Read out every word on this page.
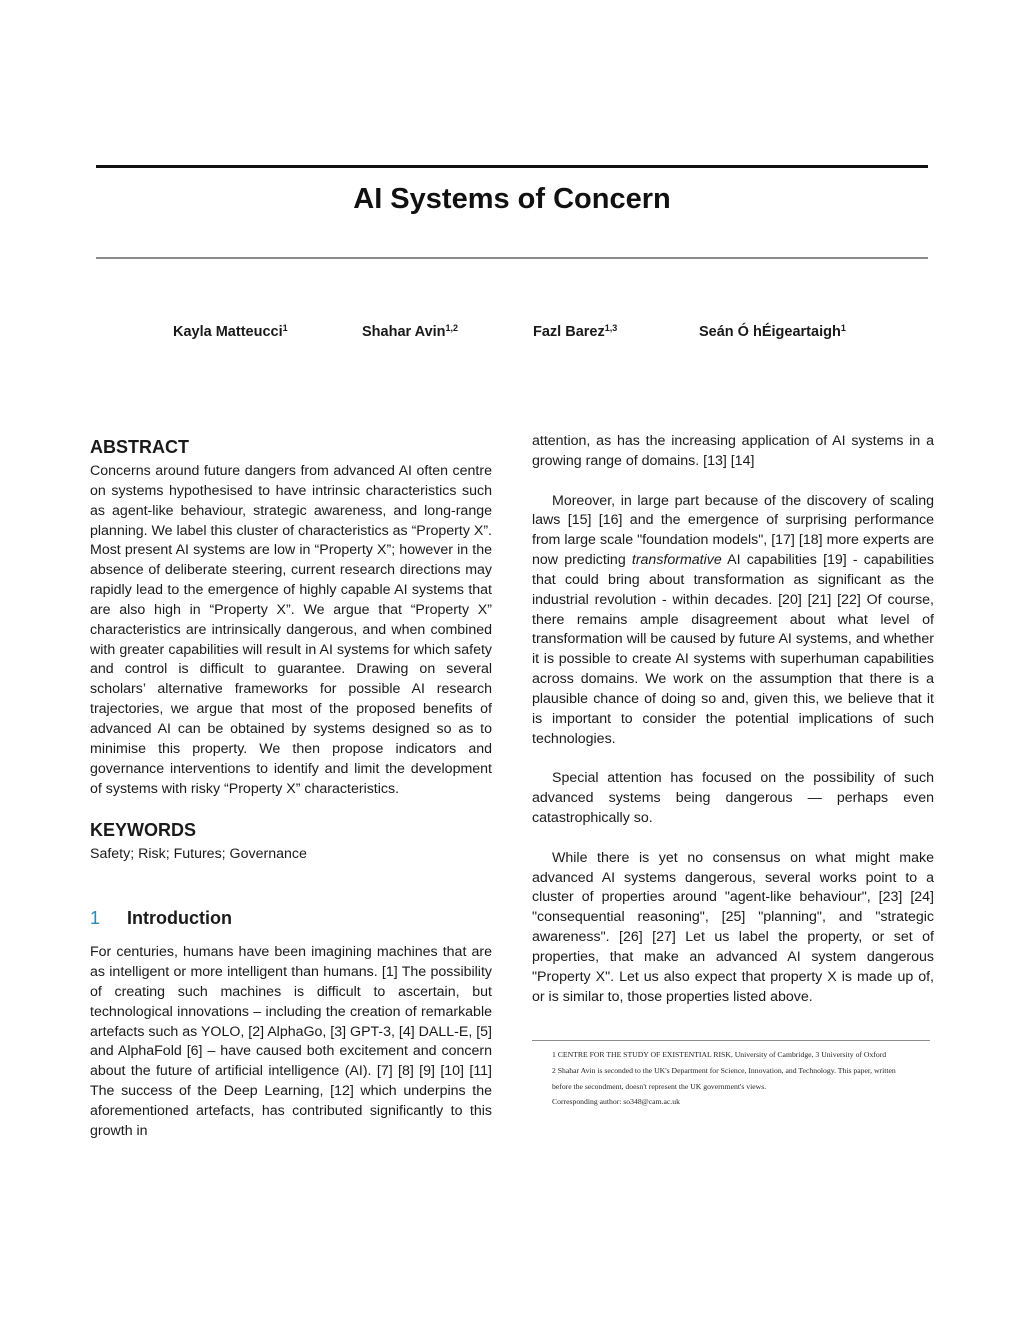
AI Systems of Concern
Kayla Matteucci$^1$	Shahar Avin$^{1,2}$	Fazl Barez$^{1,3}$	Seán Ó hÉigeartaigh$^1$
ABSTRACT

Concerns around future dangers from advanced AI often centre on systems hypothesised to have intrinsic characteristics such as agent-like behaviour, strategic awareness, and long-range planning. We label this cluster of characteristics as “Property X”. Most present AI systems are low in “Property X”; however in the absence of deliberate steering, current research directions may rapidly lead to the emergence of highly capable AI systems that are also high in “Property X”. We argue that “Property X” characteristics are intrinsically dangerous, and when combined with greater capabilities will result in AI systems for which safety and control is difficult to guarantee. Drawing on several scholars’ alternative frameworks for possible AI research trajectories, we argue that most of the proposed benefits of advanced AI can be obtained by systems designed so as to minimise this property. We then propose indicators and governance interventions to identify and limit the development of systems with risky “Property X” characteristics.

KEYWORDS

Safety; Risk; Futures; Governance

1	Introduction

For centuries, humans have been imagining machines that are as intelligent or more intelligent than humans. [1] The possibility of creating such machines is difficult to ascertain, but technological innovations – including the creation of remarkable artefacts such as YOLO, [2] AlphaGo, [3] GPT-3, [4] DALL-E, [5] and AlphaFold [6] – have caused both excitement and concern about the future of artificial intelligence (AI). [7] [8] [9] [10] [11] The success of the Deep Learning, [12] which underpins the aforementioned artefacts, has contributed significantly to this growth in

attention, as has the increasing application of AI systems in a growing range of domains. [13] [14]

Moreover, in large part because of the discovery of scaling laws [15] [16] and the emergence of surprising performance from large scale "foundation models", [17] [18] more experts are now predicting transformative AI capabilities [19] - capabilities that could bring about transformation as significant as the industrial revolution - within decades. [20] [21] [22] Of course, there remains ample disagreement about what level of transformation will be caused by future AI systems, and whether it is possible to create AI systems with superhuman capabilities across domains. We work on the assumption that there is a plausible chance of doing so and, given this, we believe that it is important to consider the potential implications of such technologies.

Special attention has focused on the possibility of such advanced systems being dangerous — perhaps even catastrophically so.

While there is yet no consensus on what might make advanced AI systems dangerous, several works point to a cluster of properties around "agent-like behaviour", [23] [24] "consequential reasoning", [25] "planning", and "strategic awareness". [26] [27] Let us label the property, or set of properties, that make an advanced AI system dangerous "Property X". Let us also expect that property X is made up of, or is similar to, those properties listed above.

1 CENTRE FOR THE STUDY OF EXISTENTIAL RISK, University of Cambridge, 3 University of Oxford
2 Shahar Avin is seconded to the UK's Department for Science, Innovation, and Technology. This paper, written
before the secondment, doesn't represent the UK government's views.
Corresponding author: so348@cam.ac.uk
